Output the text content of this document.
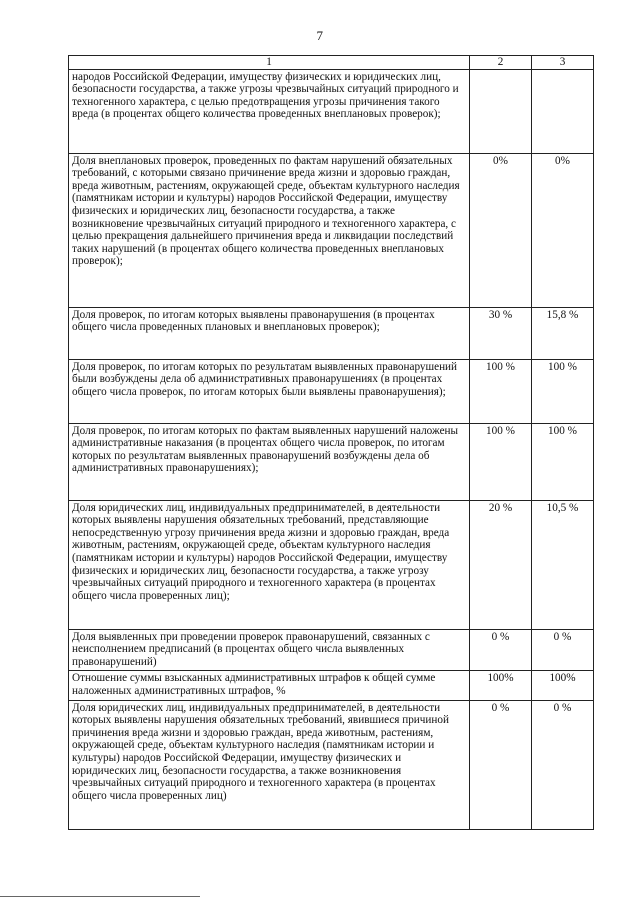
7
1	2	3
народов Российской Федерации, имуществу физических и юридических лиц, безопасности государства, а также угрозы чрезвычайных ситуаций природного и техногенного характера, с целью предотвращения угрозы причинения такого вреда (в процентах общего количества проведенных внеплановых проверок);		
Доля внеплановых проверок, проведенных по фактам нарушений обязательных требований, с которыми связано причинение вреда жизни и здоровью граждан, вреда животным, растениям, окружающей среде, объектам культурного наследия (памятникам истории и культуры) народов Российской Федерации, имуществу физических и юридических лиц, безопасности государства, а также возникновение чрезвычайных ситуаций природного и техногенного характера, с целью прекращения дальнейшего причинения вреда и ликвидации последствий таких нарушений (в процентах общего количества проведенных внеплановых проверок);	0%	0%
Доля проверок, по итогам которых выявлены правонарушения (в процентах общего числа проведенных плановых и внеплановых проверок);	30 %	15,8 %
Доля проверок, по итогам которых по результатам выявленных правонарушений были возбуждены дела об административных правонарушениях (в процентах общего числа проверок, по итогам которых были выявлены правонарушения);	100 %	100 %
Доля проверок, по итогам которых по фактам выявленных нарушений наложены административные наказания (в процентах общего числа проверок, по итогам которых по результатам выявленных правонарушений возбуждены дела об административных правонарушениях);	100 %	100 %
Доля юридических лиц, индивидуальных предпринимателей, в деятельности которых выявлены нарушения обязательных требований, представляющие непосредственную угрозу причинения вреда жизни и здоровью граждан, вреда животным, растениям, окружающей среде, объектам культурного наследия (памятникам истории и культуры) народов Российской Федерации, имуществу физических и юридических лиц, безопасности государства, а также угрозу чрезвычайных ситуаций природного и техногенного характера (в процентах общего числа проверенных лиц);	20 %	10,5 %
Доля выявленных при проведении проверок правонарушений, связанных с неисполнением предписаний (в процентах общего числа выявленных правонарушений)	0 %	0 %
Отношение суммы взысканных административных штрафов к общей сумме наложенных административных штрафов, %	100%	100%
Доля юридических лиц, индивидуальных предпринимателей, в деятельности которых выявлены нарушения обязательных требований, явившиеся причиной причинения вреда жизни и здоровью граждан, вреда животным, растениям, окружающей среде, объектам культурного наследия (памятникам истории и культуры) народов Российской Федерации, имуществу физических и юридических лиц, безопасности государства, а также возникновения чрезвычайных ситуаций природного и техногенного характера (в процентах общего числа проверенных лиц)	0 %	0 %
